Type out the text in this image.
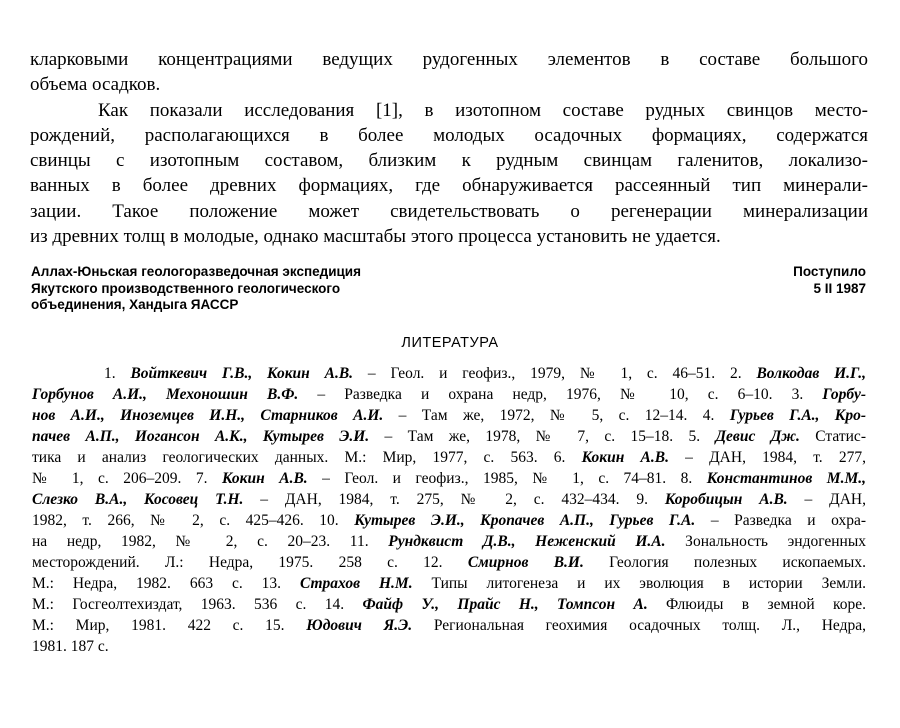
кларковыми концентрациями ведущих рудогенных элементов в составе большого
объема осадков.
Как показали исследования [1], в изотопном составе рудных свинцов место-
рождений, располагающихся в более молодых осадочных формациях, содержатся
свинцы с изотопным составом, близким к рудным свинцам галенитов, локализо-
ванных в более древних формациях, где обнаруживается рассеянный тип минерали-
зации. Такое положение может свидетельствовать о регенерации минерализации
из древних толщ в молодые, однако масштабы этого процесса установить не удается.
Аллах-Юньская геологоразведочная экспедиция
Якутского производственного геологического
объединения, Хандыга ЯАССР
Поступило
5 II 1987
ЛИТЕРАТУРА
1. Войткевич Г.В., Кокин А.В. – Геол. и геофиз., 1979, № 1, с. 46–51. 2. Волкодав И.Г.,
Горбунов А.И., Мехоношин В.Ф. – Разведка и охрана недр, 1976, № 10, с. 6–10. 3. Горбу-
нов А.И., Иноземцев И.Н., Старников А.И. – Там же, 1972, № 5, с. 12–14. 4. Гурьев Г.А., Кро-
пачев А.П., Иогансон А.К., Кутырев Э.И. – Там же, 1978, № 7, с. 15–18. 5. Девис Дж. Статис-
тика и анализ геологических данных. М.: Мир, 1977, с. 563. 6. Кокин А.В. – ДАН, 1984, т. 277,
№ 1, с. 206–209. 7. Кокин А.В. – Геол. и геофиз., 1985, № 1, с. 74–81. 8. Константинов М.М.,
Слезко В.А., Косовец Т.Н. – ДАН, 1984, т. 275, № 2, с. 432–434. 9. Коробицын А.В. – ДАН,
1982, т. 266, № 2, с. 425–426. 10. Кутырев Э.И., Кропачев А.П., Гурьев Г.А. – Разведка и охра-
на недр, 1982, № 2, с. 20–23. 11. Рундквист Д.В., Неженский И.А. Зональность эндогенных
месторождений. Л.: Недра, 1975. 258 с. 12. Смирнов В.И. Геология полезных ископаемых.
М.: Недра, 1982. 663 с. 13. Страхов Н.М. Типы литогенеза и их эволюция в истории Земли.
М.: Госгеолтехиздат, 1963. 536 с. 14. Файф У., Прайс Н., Томпсон А. Флюиды в земной коре.
М.: Мир, 1981. 422 с. 15. Юдович Я.Э. Региональная геохимия осадочных толщ. Л., Недра,
1981. 187 с.
